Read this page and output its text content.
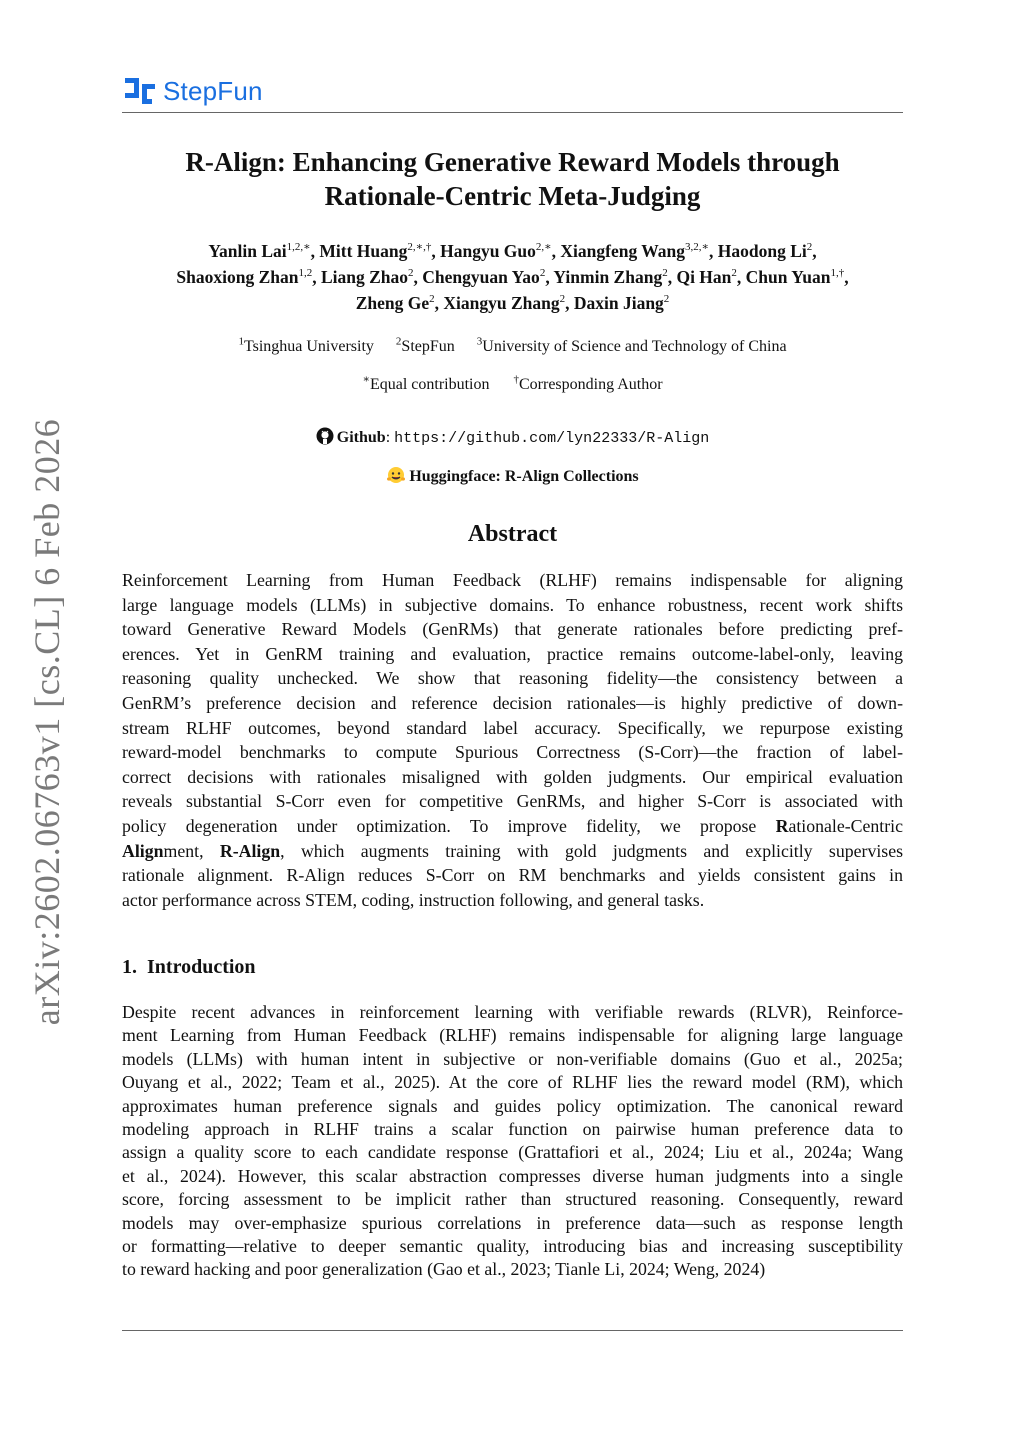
StepFun
arXiv:2602.06763v1 [cs.CL] 6 Feb 2026
R-Align: Enhancing Generative Reward Models through
Rationale-Centric Meta-Judging
Yanlin Lai$^{1,2,∗}$, Mitt Huang$^{2,∗,\dagger}$, Hangyu Guo$^{2,∗}$, Xiangfeng Wang$^{3,2,∗}$, Haodong Li$^2$,
Shaoxiong Zhan$^{1,2}$, Liang Zhao$^2$, Chengyuan Yao$^2$, Yinmin Zhang$^2$, Qi Han$^2$, Chun Yuan$^{1,\dagger}$,
Zheng Ge$^2$, Xiangyu Zhang$^2$, Daxin Jiang$^2$
$^1$Tsinghua University $^2$StepFun $^3$University of Science and Technology of China
∗Equal contribution †Corresponding Author
Github: https://github.com/lyn22333/R-Align
Huggingface: R-Align Collections
Abstract
Reinforcement Learning from Human Feedback (RLHF) remains indispensable for aligning
large language models (LLMs) in subjective domains. To enhance robustness, recent work shifts
toward Generative Reward Models (GenRMs) that generate rationales before predicting pref-
erences. Yet in GenRM training and evaluation, practice remains outcome-label-only, leaving
reasoning quality unchecked. We show that reasoning fidelity—the consistency between a
GenRM’s preference decision and reference decision rationales—is highly predictive of down-
stream RLHF outcomes, beyond standard label accuracy. Specifically, we repurpose existing
reward-model benchmarks to compute Spurious Correctness (S-Corr)—the fraction of label-
correct decisions with rationales misaligned with golden judgments. Our empirical evaluation
reveals substantial S-Corr even for competitive GenRMs, and higher S-Corr is associated with
policy degeneration under optimization. To improve fidelity, we propose Rationale-Centric
Alignment, R-Align, which augments training with gold judgments and explicitly supervises
rationale alignment. R-Align reduces S-Corr on RM benchmarks and yields consistent gains in
actor performance across STEM, coding, instruction following, and general tasks.
1.  Introduction
Despite recent advances in reinforcement learning with verifiable rewards (RLVR), Reinforce-
ment Learning from Human Feedback (RLHF) remains indispensable for aligning large language
models (LLMs) with human intent in subjective or non-verifiable domains (Guo et al., 2025a;
Ouyang et al., 2022; Team et al., 2025). At the core of RLHF lies the reward model (RM), which
approximates human preference signals and guides policy optimization. The canonical reward
modeling approach in RLHF trains a scalar function on pairwise human preference data to
assign a quality score to each candidate response (Grattafiori et al., 2024; Liu et al., 2024a; Wang
et al., 2024). However, this scalar abstraction compresses diverse human judgments into a single
score, forcing assessment to be implicit rather than structured reasoning. Consequently, reward
models may over-emphasize spurious correlations in preference data—such as response length
or formatting—relative to deeper semantic quality, introducing bias and increasing susceptibility
to reward hacking and poor generalization (Gao et al., 2023; Tianle Li, 2024; Weng, 2024)
